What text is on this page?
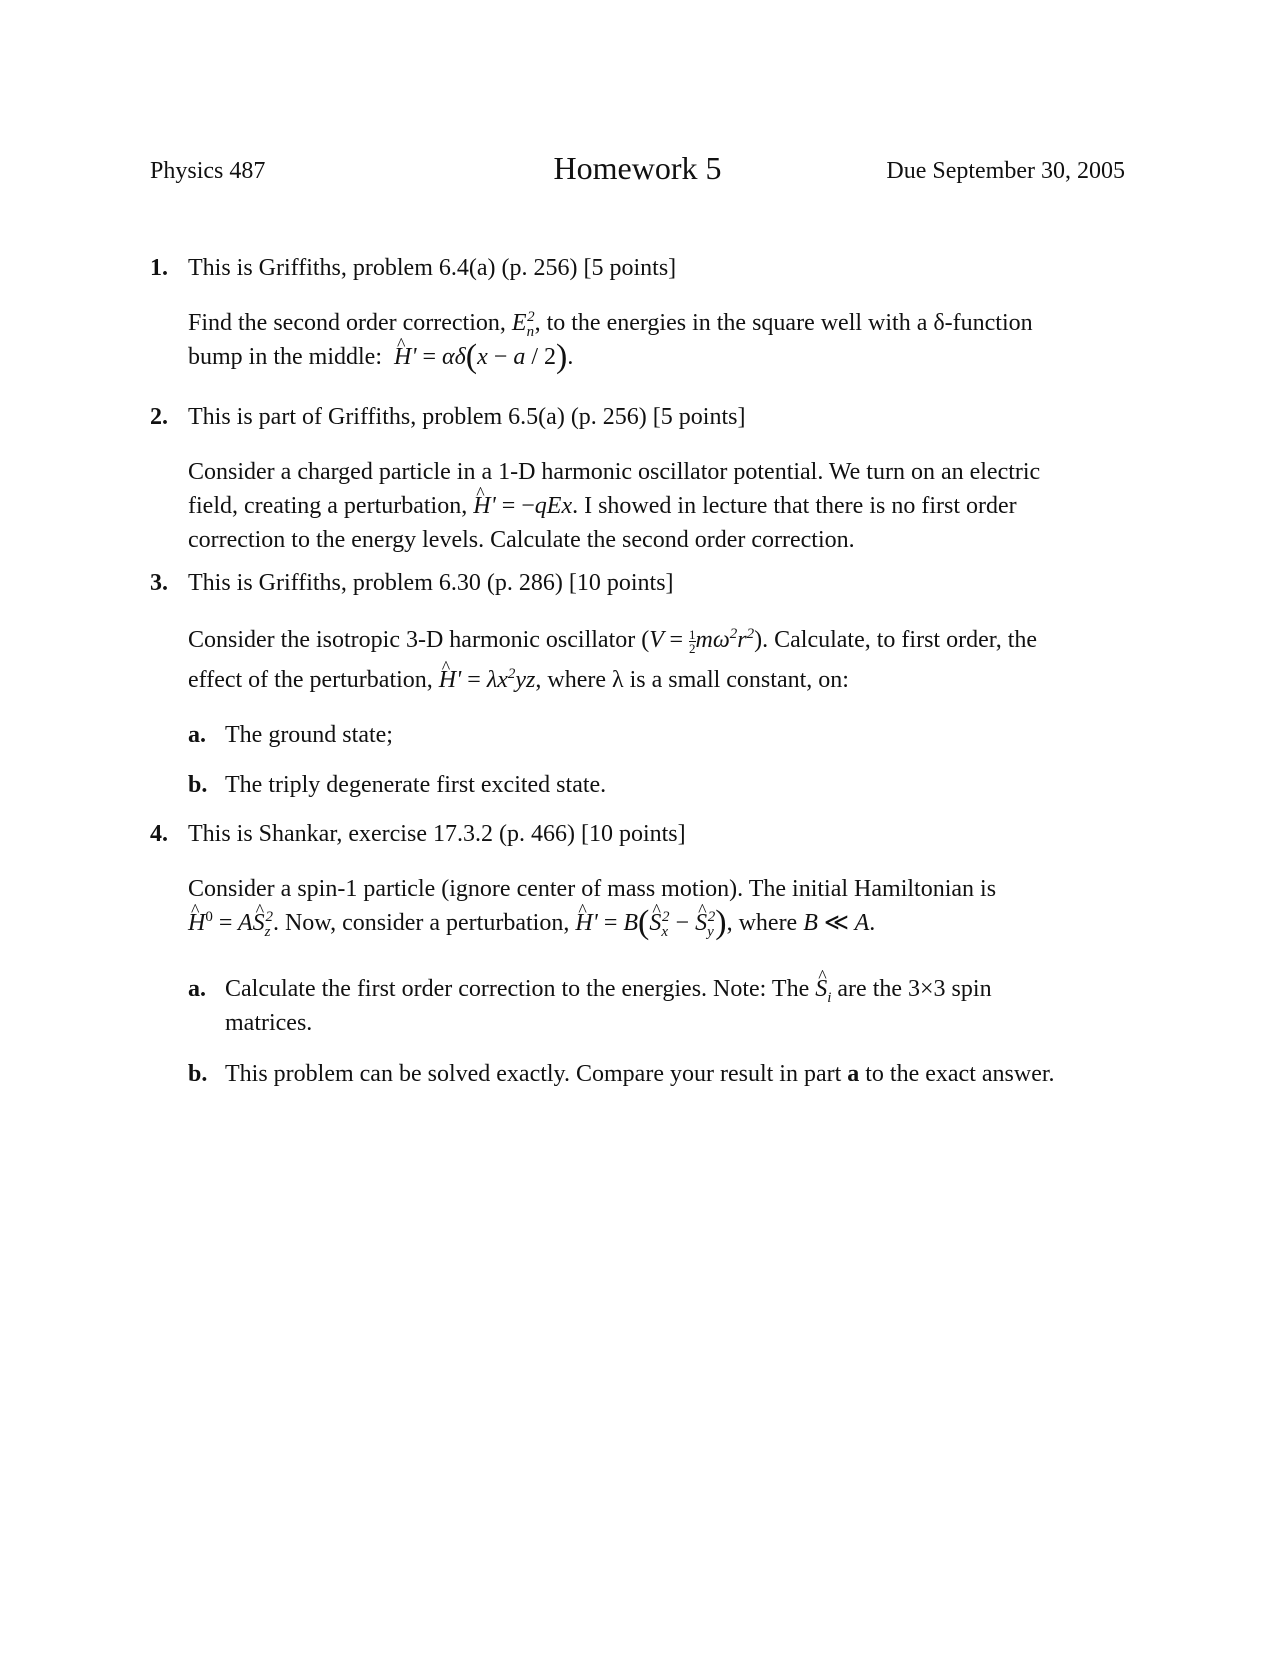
Physics 487	Homework 5	Due September 30, 2005
1. This is Griffiths, problem 6.4(a) (p. 256) [5 points]
Find the second order correction, $E_n^2$, to the energies in the square well with a δ-function
bump in the middle: ^ H' = αδ(x − a / 2).
2. This is part of Griffiths, problem 6.5(a) (p. 256) [5 points]
Consider a charged particle in a 1-D harmonic oscillator potential. We turn on an electric
field, creating a perturbation, ^ H' = −qEx. I showed in lecture that there is no first order
correction to the energy levels. Calculate the second order correction.
3. This is Griffiths, problem 6.30 (p. 286) [10 points]
Consider the isotropic 3-D harmonic oscillator $(V = \frac{1}{2} m\omega^2r^2)$. Calculate, to first order, the
effect of the perturbation, ^ $H' = \lambda x^2yz$, where λ is a small constant, on:
a. The ground state;
b. The triply degenerate first excited state.
4. This is Shankar, exercise 17.3.2 (p. 466) [10 points]
Consider a spin-1 particle (ignore center of mass motion). The initial Hamiltonian is
^ $H^0$ = A^ $S_z^2$. Now, consider a perturbation, ^ H' = B(^ $S_x^2$ − ^ $S_y^2$), where B ≪ A.
a. Calculate the first order correction to the energies. Note: The ^ $S_i$ are the 3×3 spin
matrices.
b. This problem can be solved exactly. Compare your result in part a to the exact answer.
